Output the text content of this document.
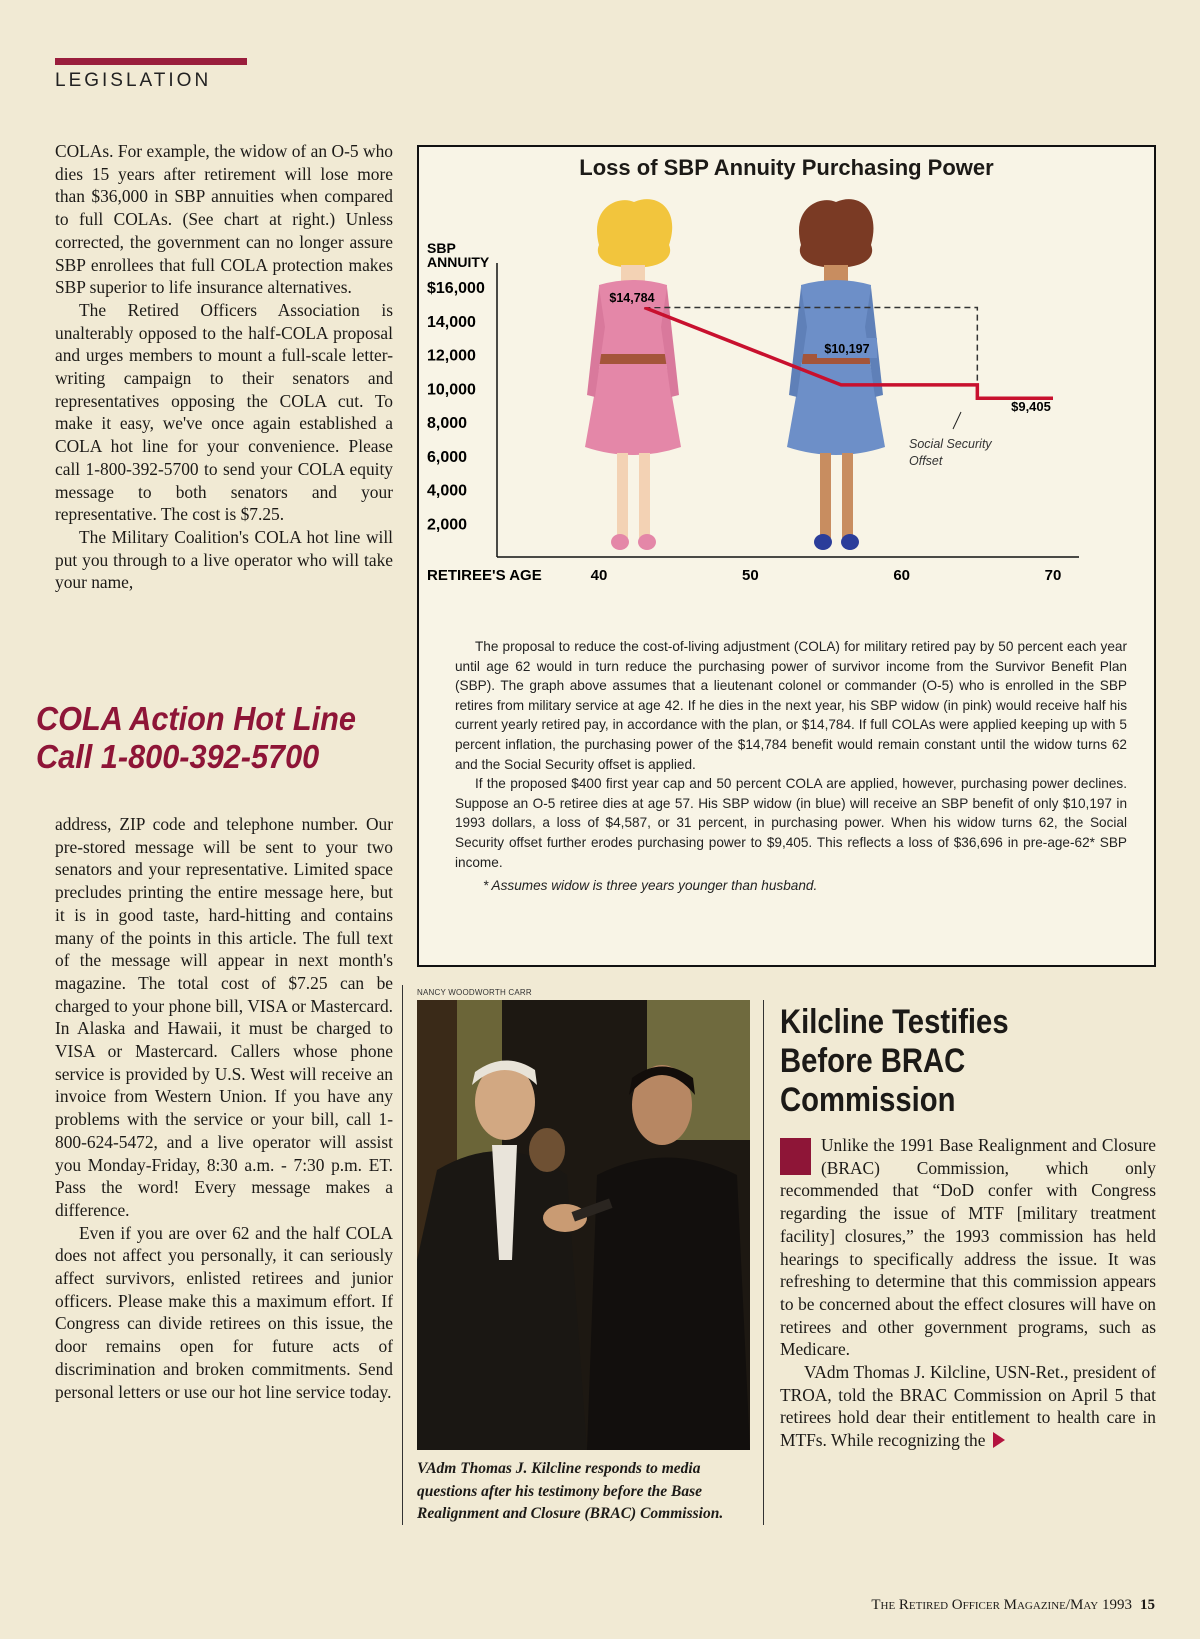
LEGISLATION

COLAs. For example, the widow of an O-5 who dies 15 years after retirement will lose more than $36,000 in SBP annuities when compared to full COLAs. (See chart at right.) Unless corrected, the government can no longer assure SBP enrollees that full COLA protection makes SBP superior to life insurance alternatives.

The Retired Officers Association is unalterably opposed to the half-COLA proposal and urges members to mount a full-scale letter-writing campaign to their senators and representatives opposing the COLA cut. To make it easy, we've once again established a COLA hot line for your convenience. Please call 1-800-392-5700 to send your COLA equity message to both senators and your representative. The cost is $7.25.

The Military Coalition's COLA hot line will put you through to a live operator who will take your name,

COLA Action Hot Line
Call 1-800-392-5700

address, ZIP code and telephone number. Our pre-stored message will be sent to your two senators and your representative. Limited space precludes printing the entire message here, but it is in good taste, hard-hitting and contains many of the points in this article. The full text of the message will appear in next month's magazine. The total cost of $7.25 can be charged to your phone bill, VISA or Mastercard. In Alaska and Hawaii, it must be charged to VISA or Mastercard. Callers whose phone service is provided by U.S. West will receive an invoice from Western Union. If you have any problems with the service or your bill, call 1-800-624-5472, and a live operator will assist you Monday-Friday, 8:30 a.m. - 7:30 p.m. ET. Pass the word! Every message makes a difference.

Even if you are over 62 and the half COLA does not affect you personally, it can seriously affect survivors, enlisted retirees and junior officers. Please make this a maximum effort. If Congress can divide retirees on this issue, the door remains open for future acts of discrimination and broken commitments. Send personal letters or use our hot line service today.

SBP
ANNUITY
RETIREE'S AGE
$16,000
14,000
12,000
10,000
8,000
6,000
4,000
2,000
40	50	60	70
$14,784
$10,197
$9,405
Social Security
Offset
Loss of SBP Annuity Purchasing Power

The proposal to reduce the cost-of-living adjustment (COLA) for military retired pay by 50 percent each year until age 62 would in turn reduce the purchasing power of survivor income from the Survivor Benefit Plan (SBP). The graph above assumes that a lieutenant colonel or commander (O-5) who is enrolled in the SBP retires from military service at age 42. If he dies in the next year, his SBP widow (in pink) would receive half his current yearly retired pay, in accordance with the plan, or $14,784. If full COLAs were applied keeping up with 5 percent inflation, the purchasing power of the $14,784 benefit would remain constant until the widow turns 62 and the Social Security offset is applied.

If the proposed $400 first year cap and 50 percent COLA are applied, however, purchasing power declines. Suppose an O-5 retiree dies at age 57. His SBP widow (in blue) will receive an SBP benefit of only $10,197 in 1993 dollars, a loss of $4,587, or 31 percent, in purchasing power. When his widow turns 62, the Social Security offset further erodes purchasing power to $9,405. This reflects a loss of $36,696 in pre-age-62* SBP income.

* Assumes widow is three years younger than husband.

NANCY WOODWORTH CARR
VAdm Thomas J. Kilcline responds to media questions after his testimony before the Base Realignment and Closure (BRAC) Commission.
Kilcline Testifies
Before BRAC
Commission

Unlike the 1991 Base Realignment and Closure (BRAC) Commission, which only recommended that “DoD confer with Congress regarding the issue of MTF [military treatment facility] closures,” the 1993 commission has held hearings to specifically address the issue. It was refreshing to determine that this commission appears to be concerned about the effect closures will have on retirees and other government programs, such as Medicare.

VAdm Thomas J. Kilcline, USN-Ret., president of TROA, told the BRAC Commission on April 5 that retirees hold dear their entitlement to health care in MTFs. While recognizing the

The Retired Officer Magazine/May 1993 15
